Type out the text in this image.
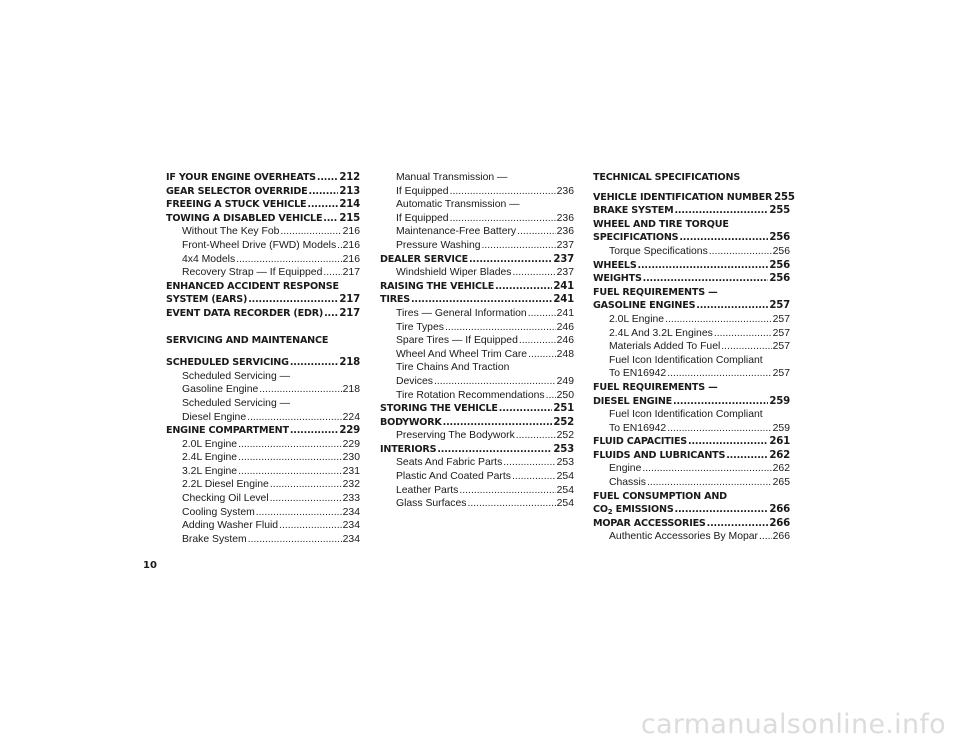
IF YOUR ENGINE OVERHEATS ..... 212
GEAR SELECTOR OVERRIDE .....	213
FREEING A STUCK VEHICLE .....	214
TOWING A DISABLED VEHICLE ..... 215
Without The Key Fob .....	216
Front-Wheel Drive (FWD) Models ..... 216
4x4 Models .....	216
Recovery Strap — If Equipped ..... 217
ENHANCED ACCIDENT RESPONSE
SYSTEM (EARS) .....	217
EVENT DATA RECORDER (EDR) ..... 217
SERVICING AND MAINTENANCE
SCHEDULED SERVICING .....	218
Scheduled Servicing —
Gasoline Engine .....	218
Scheduled Servicing —
Diesel Engine .....	224
ENGINE COMPARTMENT .....	229
2.0L Engine .....	229
2.4L Engine .....	230
3.2L Engine .....	231
2.2L Diesel Engine .....	232
Checking Oil Level .....	233
Cooling System .....	234
Adding Washer Fluid .....	234
Brake System .....	234
Manual Transmission —
If Equipped .....	236
Automatic Transmission —
If Equipped .....	236
Maintenance-Free Battery .....	236
Pressure Washing .....	237
DEALER SERVICE .....	237
Windshield Wiper Blades .....	237
RAISING THE VEHICLE .....	241
TIRES .....	241
Tires — General Information .....	241
Tire Types .....	246
Spare Tires — If Equipped .....	246
Wheel And Wheel Trim Care .....	248
Tire Chains And Traction
Devices .....	249
Tire Rotation Recommendations ..... 250
STORING THE VEHICLE .....	251
BODYWORK .....	252
Preserving The Bodywork .....	252
INTERIORS .....	253
Seats And Fabric Parts .....	253
Plastic And Coated Parts .....	254
Leather Parts .....	254
Glass Surfaces .....	254
TECHNICAL SPECIFICATIONS
VEHICLE IDENTIFICATION NUMBER 255
BRAKE SYSTEM .....	255
WHEEL AND TIRE TORQUE
SPECIFICATIONS .....	256
Torque Specifications .....	256
WHEELS .....	256
WEIGHTS .....	256
FUEL REQUIREMENTS —
GASOLINE ENGINES .....	257
2.0L Engine .....	257
2.4L And 3.2L Engines .....	257
Materials Added To Fuel .....	257
Fuel Icon Identification Compliant
To EN16942 .....	257
FUEL REQUIREMENTS —
DIESEL ENGINE .....	259
Fuel Icon Identification Compliant
To EN16942 .....	259
FLUID CAPACITIES .....	261
FLUIDS AND LUBRICANTS .....	262
Engine .....	262
Chassis .....	265
FUEL CONSUMPTION AND
$CO_2$ EMISSIONS .....	266
MOPAR ACCESSORIES .....	266
Authentic Accessories By Mopar ..... 266
10
carmanualsonline.info
